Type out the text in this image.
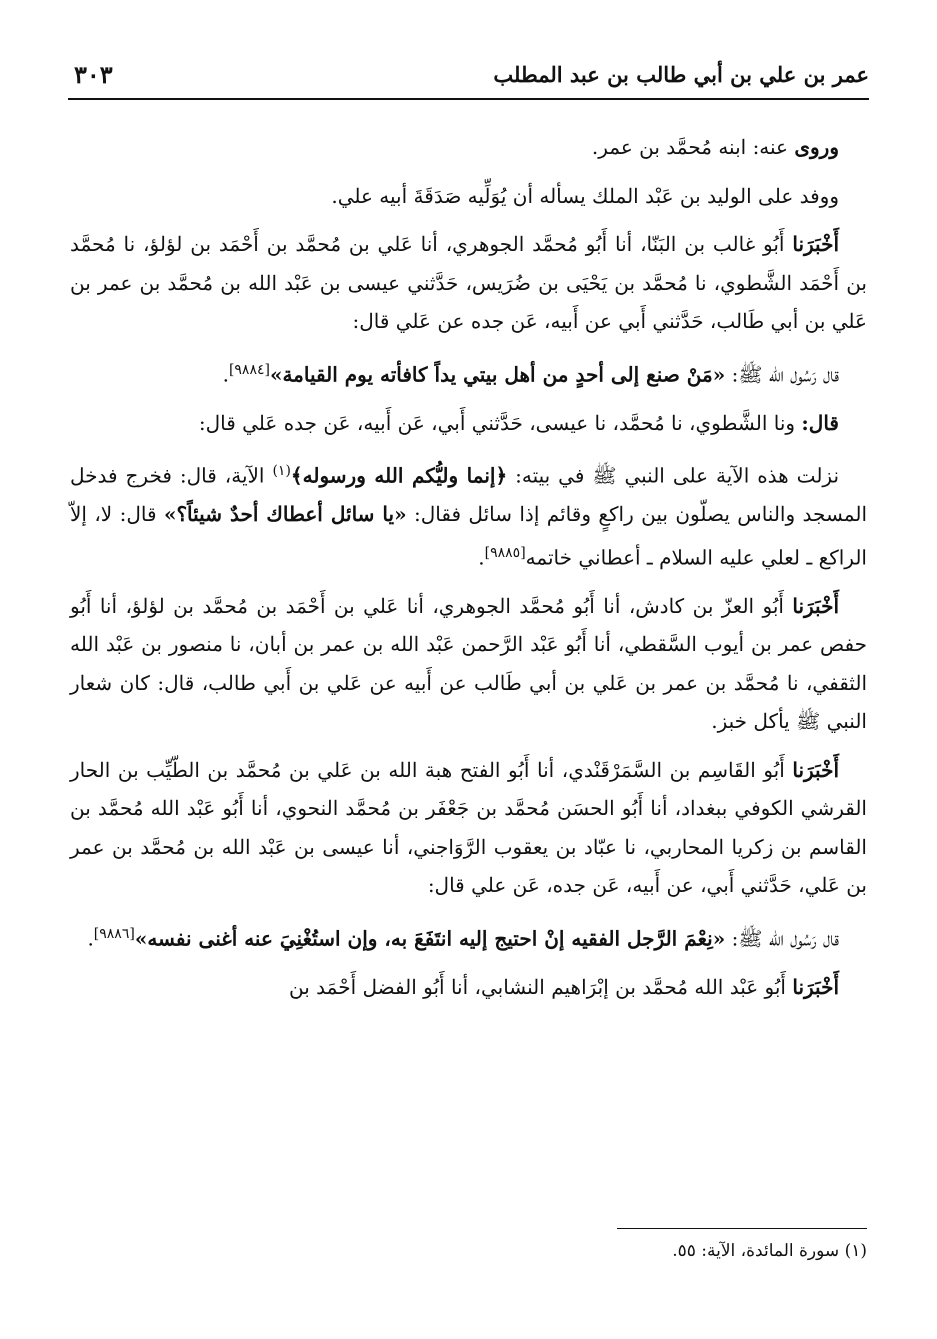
عمر بن علي بن أبي طالب بن عبد المطلب
٣٠٣

وروى عنه: ابنه مُحمَّد بن عمر.

ووفد على الوليد بن عَبْد الملك يسأله أن يُوَلِّيه صَدَقَةَ أبيه علي.

أَخْبَرَنا أَبُو غالب بن البَنّا، أنا أَبُو مُحمَّد الجوهري، أنا عَلي بن مُحمَّد بن أَحْمَد بن لؤلؤ، نا مُحمَّد بن أَحْمَد الشَّطوي، نا مُحمَّد بن يَحْيَى بن ضُرَيس، حَدَّثني عيسى بن عَبْد الله بن مُحمَّد بن عمر بن عَلي بن أبي طَالب، حَدَّثني أَبي عن أَبيه، عَن جده عن عَلي قال:

قال رَسُول الله ﷺ: «مَنْ صنع إلى أحدٍ من أهل بيتي يداً كافأته يوم القيامة»[٩٨٨٤].

قال: ونا الشَّطوي، نا مُحمَّد، نا عيسى، حَدَّثني أَبي، عَن أَبيه، عَن جده عَلي قال:

نزلت هذه الآية على النبي ﷺ في بيته: ﴿إنما وليُّكم الله ورسوله﴾$^{(١)}$ الآية، قال: فخرج فدخل المسجد والناس يصلّون بين راكعٍ وقائم إذا سائل فقال: «يا سائل أعطاك أحدٌ شيئاً؟» قال: لا، إلاّ الراكع ـ لعلي عليه السلام ـ أعطاني خاتمه[٩٨٨٥].

أَخْبَرَنا أَبُو العزّ بن كادش، أنا أَبُو مُحمَّد الجوهري، أنا عَلي بن أَحْمَد بن مُحمَّد بن لؤلؤ، أنا أَبُو حفص عمر بن أيوب السَّقطي، أنا أَبُو عَبْد الرَّحمن عَبْد الله بن عمر بن أبان، نا منصور بن عَبْد الله الثقفي، نا مُحمَّد بن عمر بن عَلي بن أبي طَالب عن أَبيه عن عَلي بن أَبي طالب، قال: كان شعار النبي ﷺ يأكل خبز.

أَخْبَرَنا أَبُو القَاسِم بن السَّمَرْقَنْدي، أنا أَبُو الفتح هبة الله بن عَلي بن مُحمَّد بن الطّيِّب بن الحار القرشي الكوفي ببغداد، أنا أَبُو الحسَن مُحمَّد بن جَعْفَر بن مُحمَّد النحوي، أنا أَبُو عَبْد الله مُحمَّد بن القاسم بن زكريا المحاربي، نا عبّاد بن يعقوب الرَّوَاجني، أنا عيسى بن عَبْد الله بن مُحمَّد بن عمر بن عَلي، حَدَّثني أَبي، عن أَبيه، عَن جده، عَن علي قال:

قال رَسُول الله ﷺ: «نِعْمَ الرَّجل الفقيه إنْ احتيج إليه انتَفَعَ به، وإن استُغْنِيَ عنه أغنى نفسه»[٩٨٨٦].

أَخْبَرَنا أَبُو عَبْد الله مُحمَّد بن إبْرَاهيم النشابي، أنا أَبُو الفضل أَحْمَد بن

(١) سورة المائدة، الآية: ٥٥.
